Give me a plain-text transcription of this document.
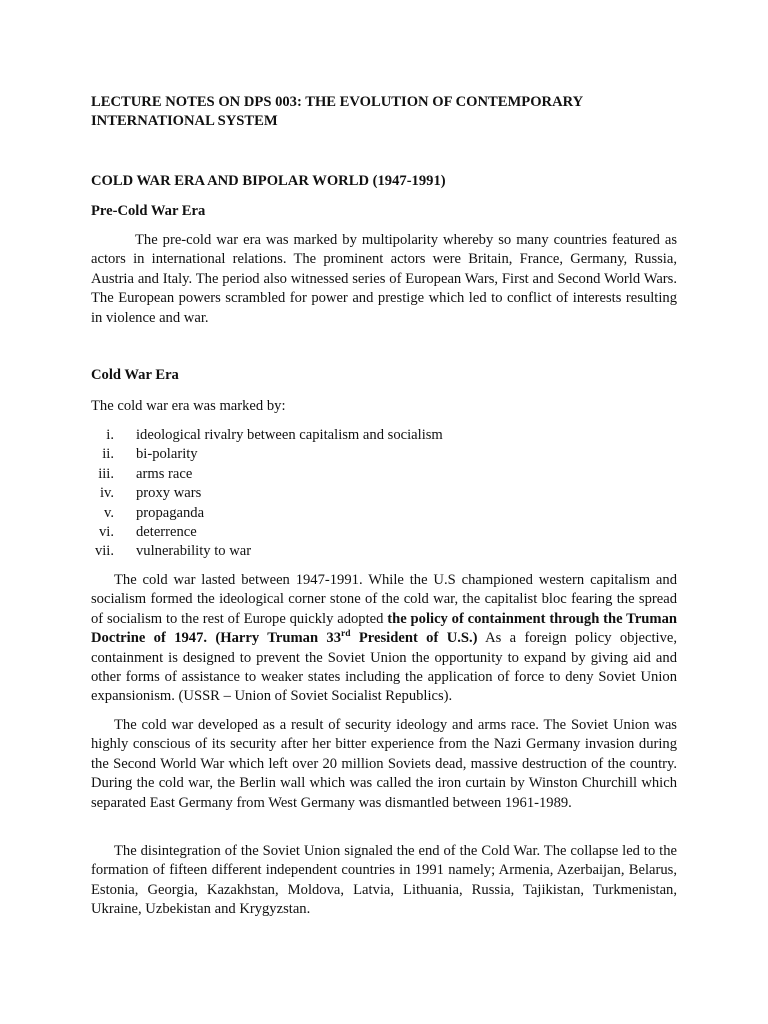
LECTURE NOTES ON DPS 003: THE EVOLUTION OF CONTEMPORARY
INTERNATIONAL SYSTEM
COLD WAR ERA AND BIPOLAR WORLD (1947-1991)
Pre-Cold War Era

The pre-cold war era was marked by multipolarity whereby so many countries featured as actors in international relations. The prominent actors were Britain, France, Germany, Russia, Austria and Italy. The period also witnessed series of European Wars, First and Second World Wars. The European powers scrambled for power and prestige which led to conflict of interests resulting in violence and war.

Cold War Era
The cold war era was marked by:
i. ideological rivalry between capitalism and socialism
ii. bi-polarity
iii. arms race
iv. proxy wars
v. propaganda
vi. deterrence
vii. vulnerability to war

The cold war lasted between 1947-1991. While the U.S championed western capitalism and socialism formed the ideological corner stone of the cold war, the capitalist bloc fearing the spread of socialism to the rest of Europe quickly adopted the policy of containment through the Truman Doctrine of 1947. (Harry Truman 33rd President of U.S.) As a foreign policy objective, containment is designed to prevent the Soviet Union the opportunity to expand by giving aid and other forms of assistance to weaker states including the application of force to deny Soviet Union expansionism. (USSR – Union of Soviet Socialist Republics).

The cold war developed as a result of security ideology and arms race. The Soviet Union was highly conscious of its security after her bitter experience from the Nazi Germany invasion during the Second World War which left over 20 million Soviets dead, massive destruction of the country. During the cold war, the Berlin wall which was called the iron curtain by Winston Churchill which separated East Germany from West Germany was dismantled between 1961-1989.

The disintegration of the Soviet Union signaled the end of the Cold War. The collapse led to the formation of fifteen different independent countries in 1991 namely; Armenia, Azerbaijan, Belarus, Estonia, Georgia, Kazakhstan, Moldova, Latvia, Lithuania, Russia, Tajikistan, Turkmenistan, Ukraine, Uzbekistan and Krygyzstan.
